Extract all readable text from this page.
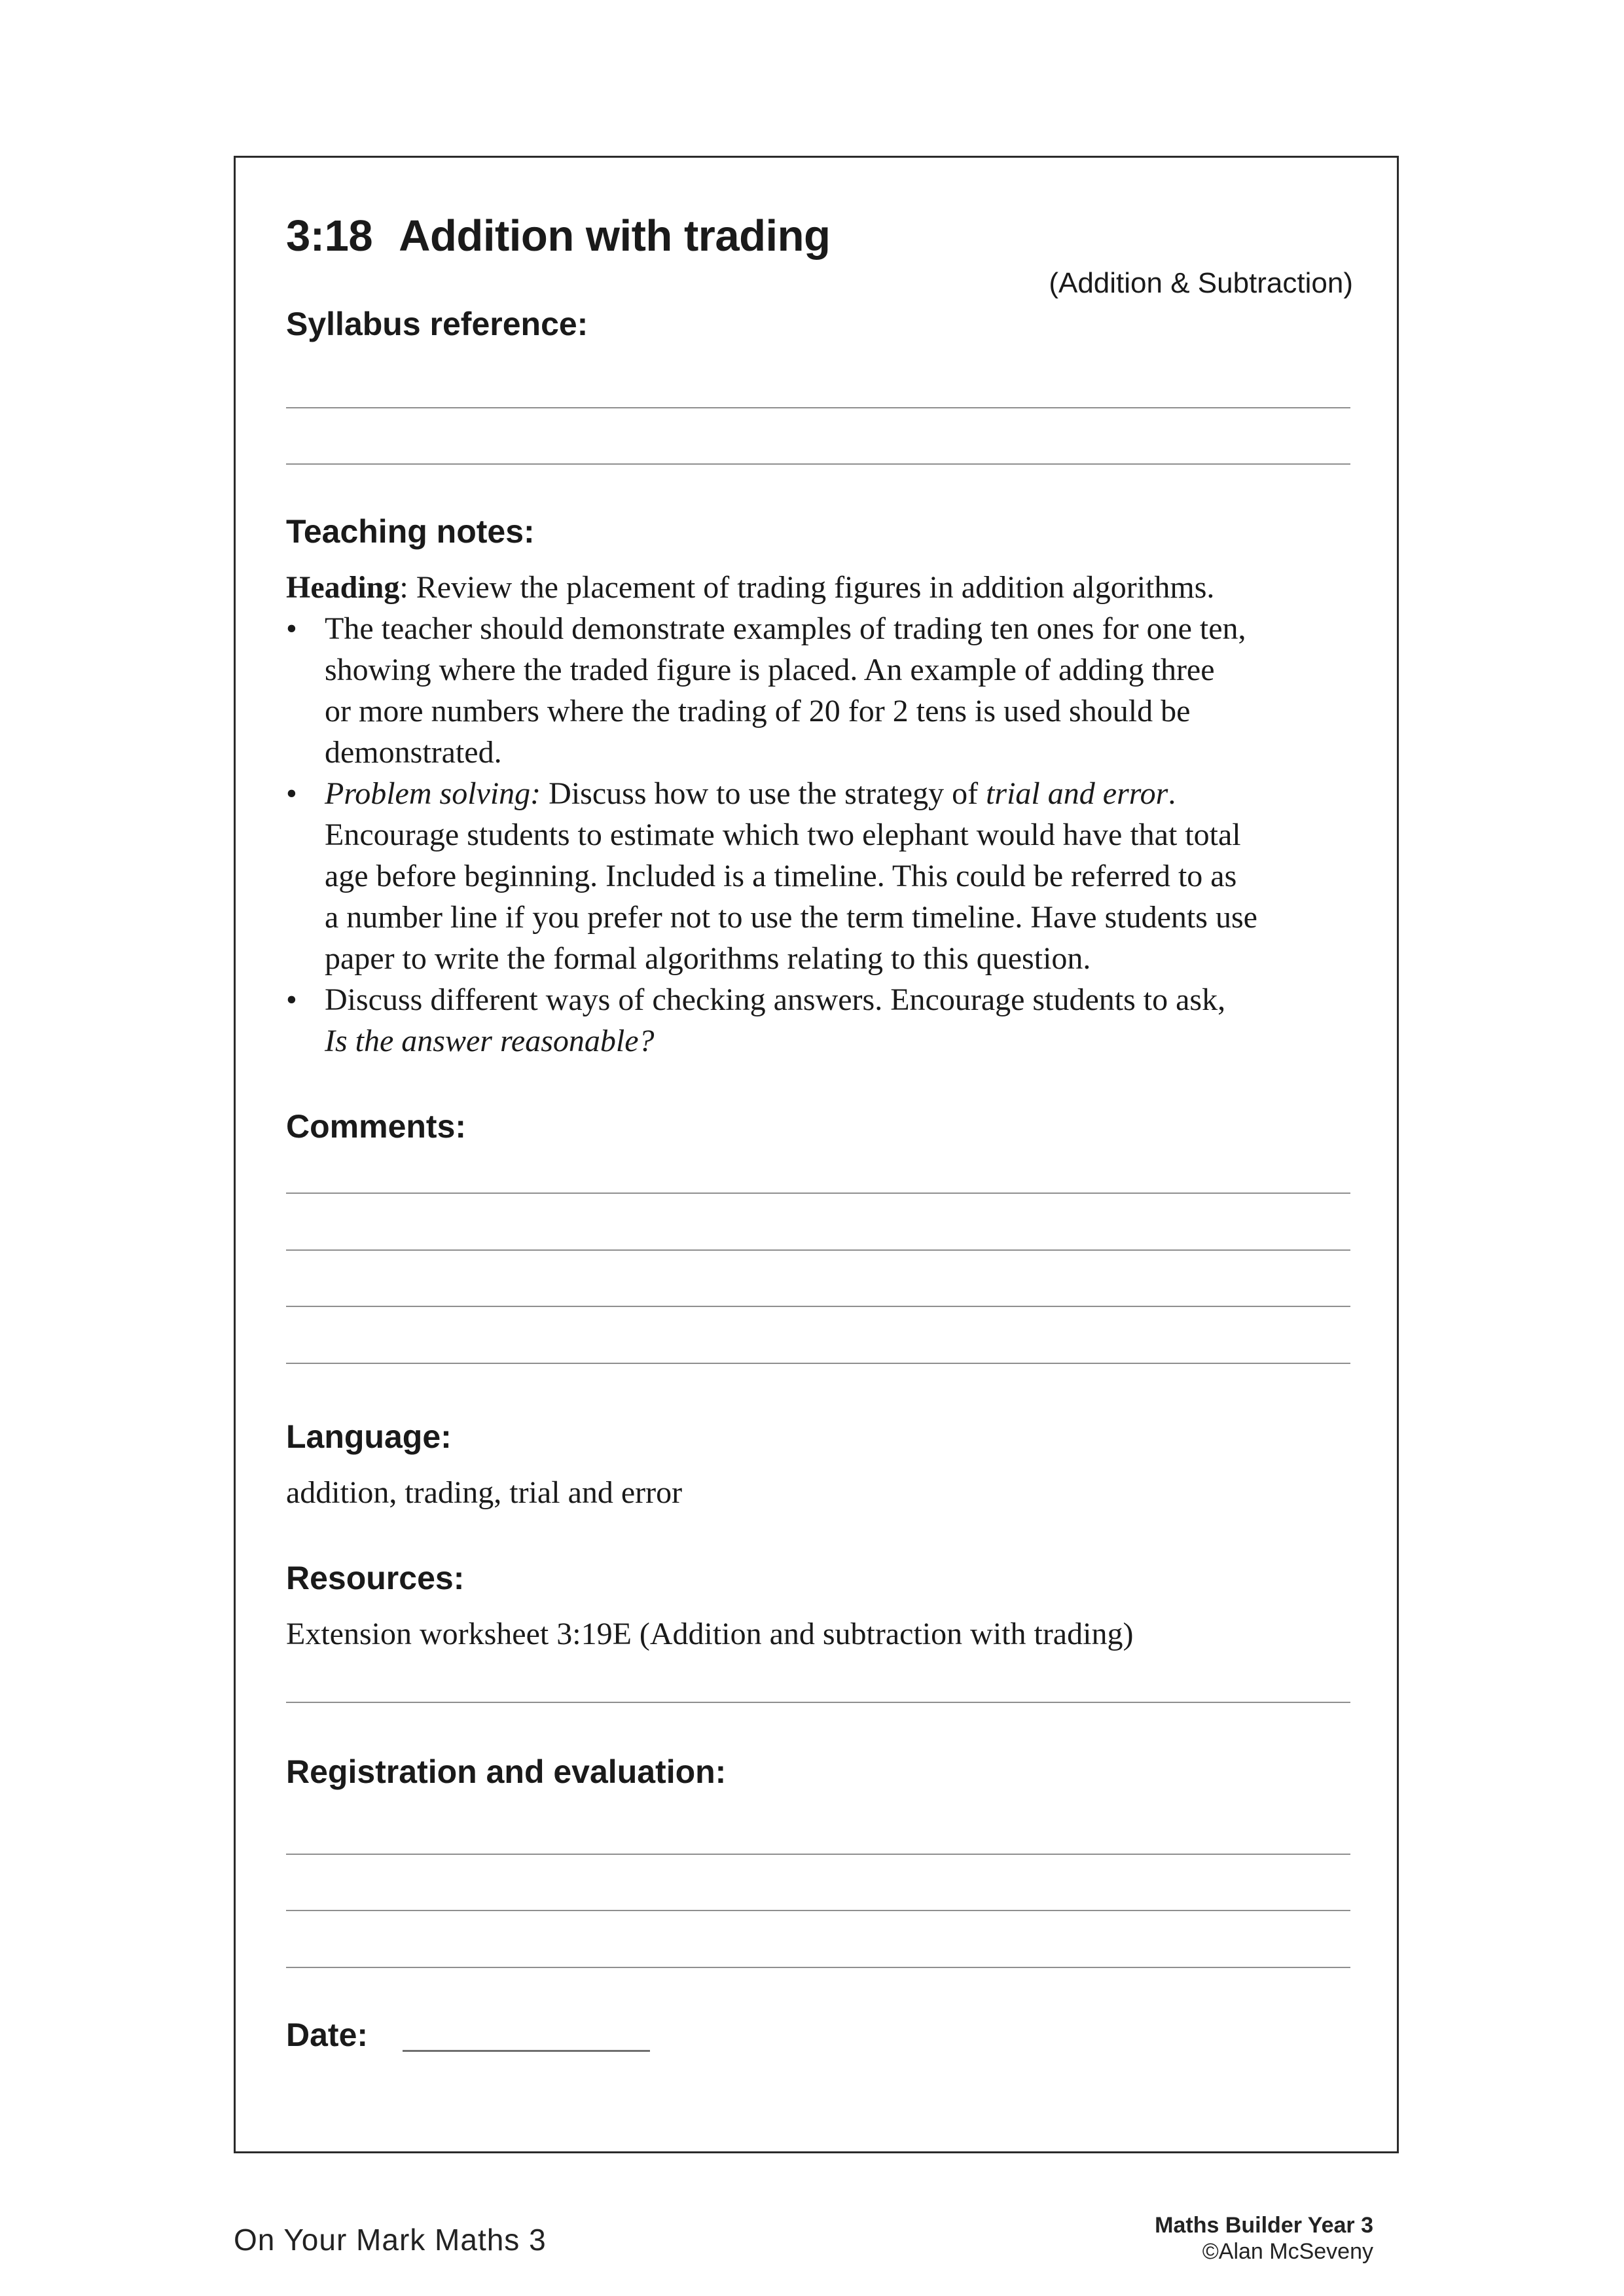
3:18 Addition with trading
(Addition & Subtraction)
Syllabus reference:
Teaching notes:

Heading: Review the placement of trading figures in addition algorithms.

• The teacher should demonstrate examples of trading ten ones for one ten,
showing where the traded figure is placed. An example of adding three
or more numbers where the trading of 20 for 2 tens is used should be
demonstrated.
• Problem solving: Discuss how to use the strategy of trial and error.
Encourage students to estimate which two elephant would have that total
age before beginning. Included is a timeline. This could be referred to as
a number line if you prefer not to use the term timeline. Have students use
paper to write the formal algorithms relating to this question.
• Discuss different ways of checking answers. Encourage students to ask,
Is the answer reasonable?
Comments:
Language:
addition, trading, trial and error
Resources:
Extension worksheet 3:19E (Addition and subtraction with trading)
Registration and evaluation:
Date:
On Your Mark Maths 3	Maths Builder Year 3
©Alan McSeveny
